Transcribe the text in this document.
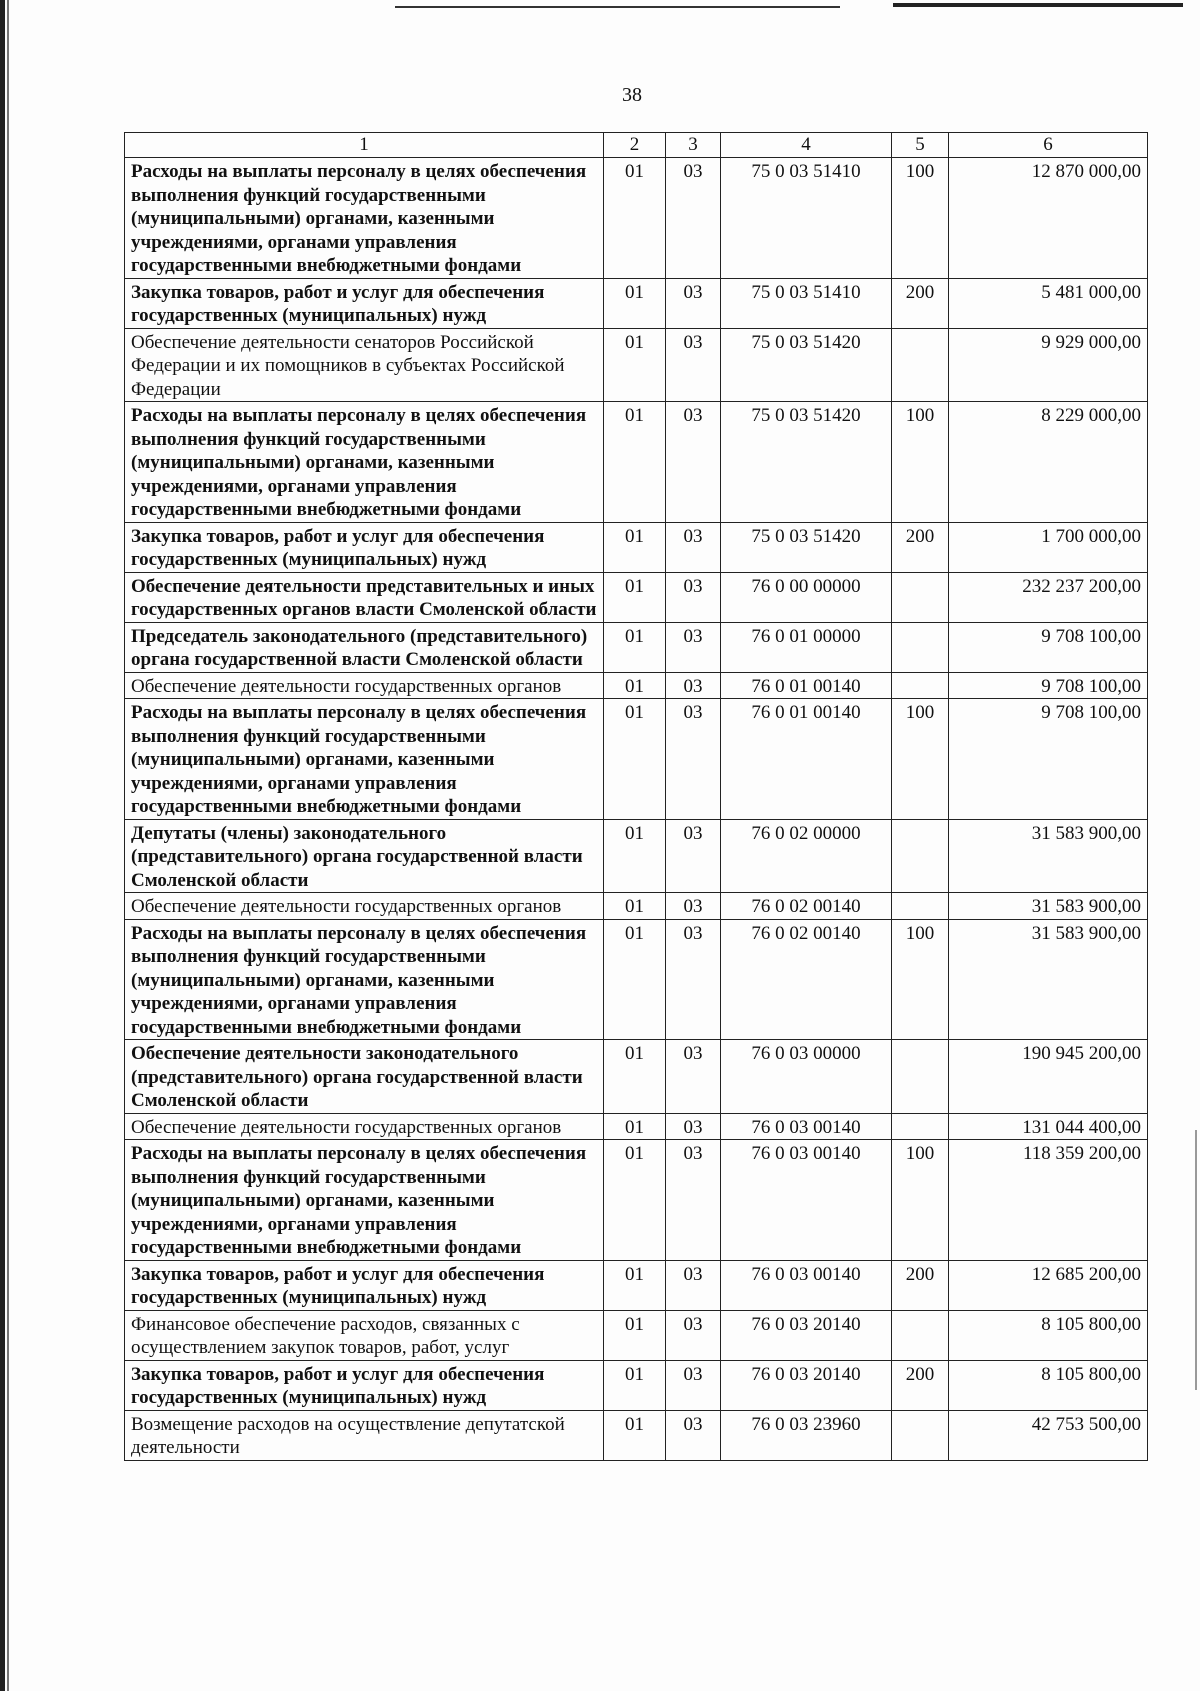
38
1	2	3	4	5	6
Расходы на выплаты персоналу в целях обеспечения выполнения функций государственными (муниципальными) органами, казенными учреждениями, органами управления государственными внебюджетными фондами	01	03	75 0 03 51410	100	12 870 000,00
Закупка товаров, работ и услуг для обеспечения государственных (муниципальных) нужд	01	03	75 0 03 51410	200	5 481 000,00
Обеспечение деятельности сенаторов Российской Федерации и их помощников в субъектах Российской Федерации	01	03	75 0 03 51420		9 929 000,00
Расходы на выплаты персоналу в целях обеспечения выполнения функций государственными (муниципальными) органами, казенными учреждениями, органами управления государственными внебюджетными фондами	01	03	75 0 03 51420	100	8 229 000,00
Закупка товаров, работ и услуг для обеспечения государственных (муниципальных) нужд	01	03	75 0 03 51420	200	1 700 000,00
Обеспечение деятельности представительных и иных государственных органов власти Смоленской области	01	03	76 0 00 00000		232 237 200,00
Председатель законодательного (представительного) органа государственной власти Смоленской области	01	03	76 0 01 00000		9 708 100,00
Обеспечение деятельности государственных органов	01	03	76 0 01 00140		9 708 100,00
Расходы на выплаты персоналу в целях обеспечения выполнения функций государственными (муниципальными) органами, казенными учреждениями, органами управления государственными внебюджетными фондами	01	03	76 0 01 00140	100	9 708 100,00
Депутаты (члены) законодательного (представительного) органа государственной власти Смоленской области	01	03	76 0 02 00000		31 583 900,00
Обеспечение деятельности государственных органов	01	03	76 0 02 00140		31 583 900,00
Расходы на выплаты персоналу в целях обеспечения выполнения функций государственными (муниципальными) органами, казенными учреждениями, органами управления государственными внебюджетными фондами	01	03	76 0 02 00140	100	31 583 900,00
Обеспечение деятельности законодательного (представительного) органа государственной власти Смоленской области	01	03	76 0 03 00000		190 945 200,00
Обеспечение деятельности государственных органов	01	03	76 0 03 00140		131 044 400,00
Расходы на выплаты персоналу в целях обеспечения выполнения функций государственными (муниципальными) органами, казенными учреждениями, органами управления государственными внебюджетными фондами	01	03	76 0 03 00140	100	118 359 200,00
Закупка товаров, работ и услуг для обеспечения государственных (муниципальных) нужд	01	03	76 0 03 00140	200	12 685 200,00
Финансовое обеспечение расходов, связанных с осуществлением закупок товаров, работ, услуг	01	03	76 0 03 20140		8 105 800,00
Закупка товаров, работ и услуг для обеспечения государственных (муниципальных) нужд	01	03	76 0 03 20140	200	8 105 800,00
Возмещение расходов на осуществление депутатской деятельности	01	03	76 0 03 23960		42 753 500,00
